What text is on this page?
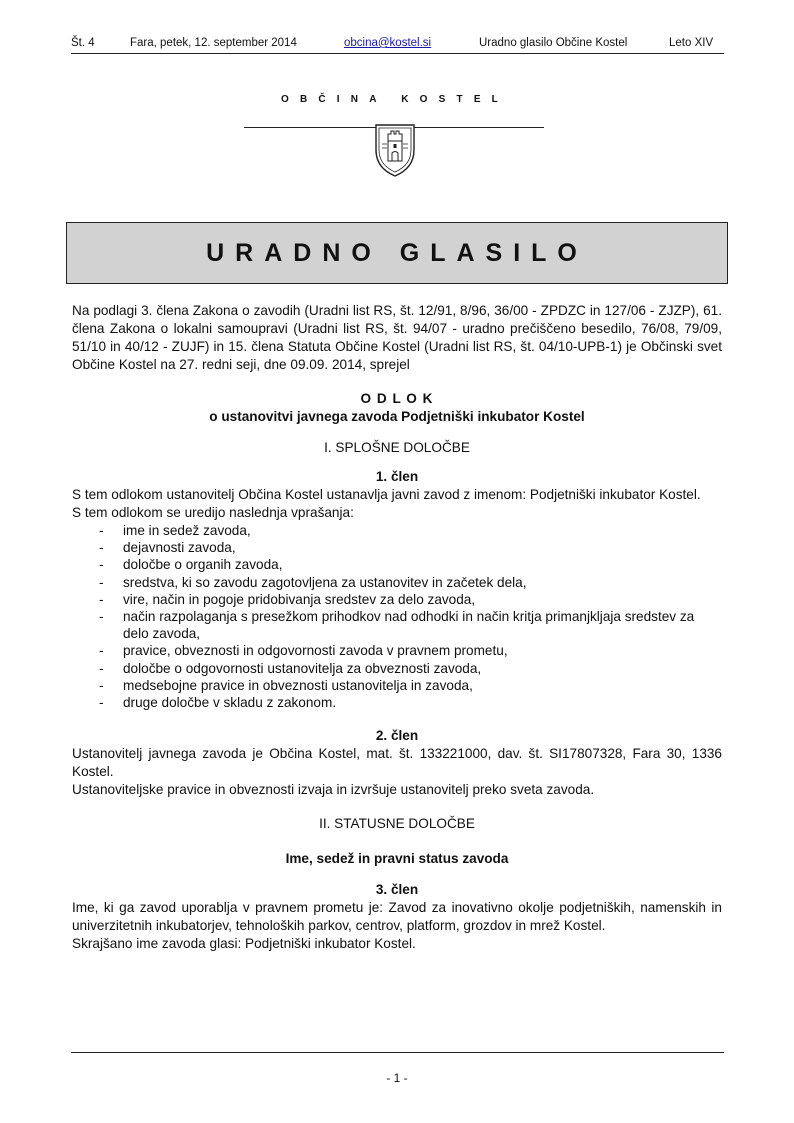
Št. 4	Fara, petek, 12. september 2014	obcina@kostel.si	Uradno glasilo Občine Kostel	Leto XIV
OBČINA KOSTEL
URADNO GLASILO

Na podlagi 3. člena Zakona o zavodih (Uradni list RS, št. 12/91, 8/96, 36/00 - ZPDZC in 127/06 - ZJZP), 61. člena Zakona o lokalni samoupravi (Uradni list RS, št. 94/07 - uradno prečiščeno besedilo, 76/08, 79/09, 51/10 in 40/12 - ZUJF) in 15. člena Statuta Občine Kostel (Uradni list RS, št. 04/10-UPB-1) je Občinski svet Občine Kostel na 27. redni seji, dne 09.09. 2014, sprejel

O D L O K

o ustanovitvi javnega zavoda Podjetniški inkubator Kostel

I. SPLOŠNE DOLOČBE

1. člen

S tem odlokom ustanovitelj Občina Kostel ustanavlja javni zavod z imenom: Podjetniški inkubator Kostel.

S tem odlokom se uredijo naslednja vprašanja:

- ime in sedež zavoda,
- dejavnosti zavoda,
- določbe o organih zavoda,
- sredstva, ki so zavodu zagotovljena za ustanovitev in začetek dela,
- vire, način in pogoje pridobivanja sredstev za delo zavoda,
- način razpolaganja s presežkom prihodkov nad odhodki in način kritja primanjkljaja sredstev za delo zavoda,
- pravice, obveznosti in odgovornosti zavoda v pravnem prometu,
- določbe o odgovornosti ustanovitelja za obveznosti zavoda,
- medsebojne pravice in obveznosti ustanovitelja in zavoda,
- druge določbe v skladu z zakonom.

2. člen

Ustanovitelj javnega zavoda je Občina Kostel, mat. št. 133221000, dav. št. SI17807328, Fara 30, 1336 Kostel.

Ustanoviteljske pravice in obveznosti izvaja in izvršuje ustanovitelj preko sveta zavoda.

II. STATUSNE DOLOČBE

Ime, sedež in pravni status zavoda

3. člen

Ime, ki ga zavod uporablja v pravnem prometu je: Zavod za inovativno okolje podjetniških, namenskih in univerzitetnih inkubatorjev, tehnoloških parkov, centrov, platform, grozdov in mrež Kostel.

Skrajšano ime zavoda glasi: Podjetniški inkubator Kostel.

- 1 -
